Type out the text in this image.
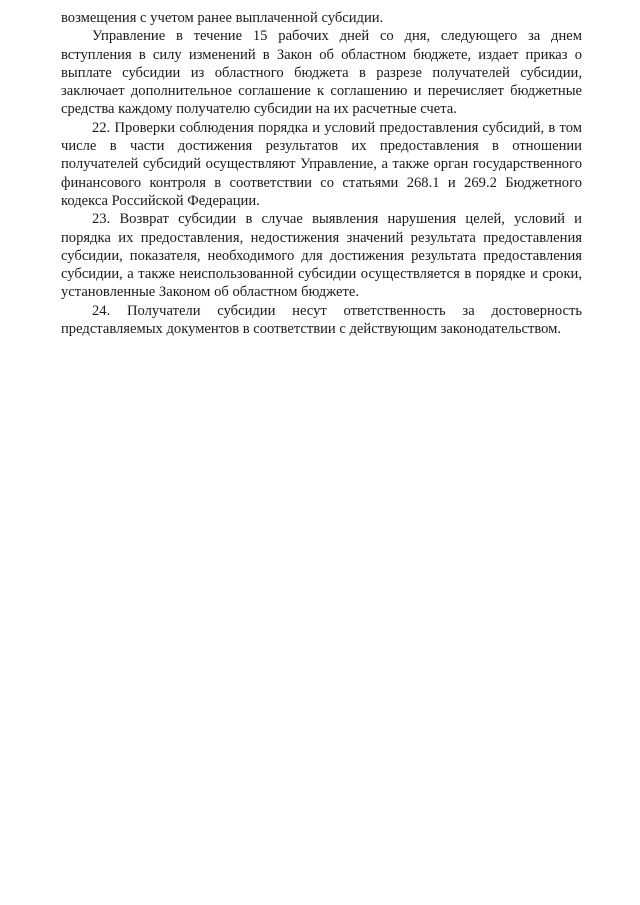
возмещения с учетом ранее выплаченной субсидии.

Управление в течение 15 рабочих дней со дня, следующего за днем вступления в силу изменений в Закон об областном бюджете, издает приказ о выплате субсидии из областного бюджета в разрезе получателей субсидии, заключает дополнительное соглашение к соглашению и перечисляет бюджетные средства каждому получателю субсидии на их расчетные счета.

22. Проверки соблюдения порядка и условий предоставления субсидий, в том числе в части достижения результатов их предоставления в отношении получателей субсидий осуществляют Управление, а также орган государственного финансового контроля в соответствии со статьями 268.1 и 269.2 Бюджетного кодекса Российской Федерации.

23. Возврат субсидии в случае выявления нарушения целей, условий и порядка их предоставления, недостижения значений результата предоставления субсидии, показателя, необходимого для достижения результата предоставления субсидии, а также неиспользованной субсидии осуществляется в порядке и сроки, установленные Законом об областном бюджете.

24. Получатели субсидии несут ответственность за достоверность представляемых документов в соответствии с действующим законодательством.
